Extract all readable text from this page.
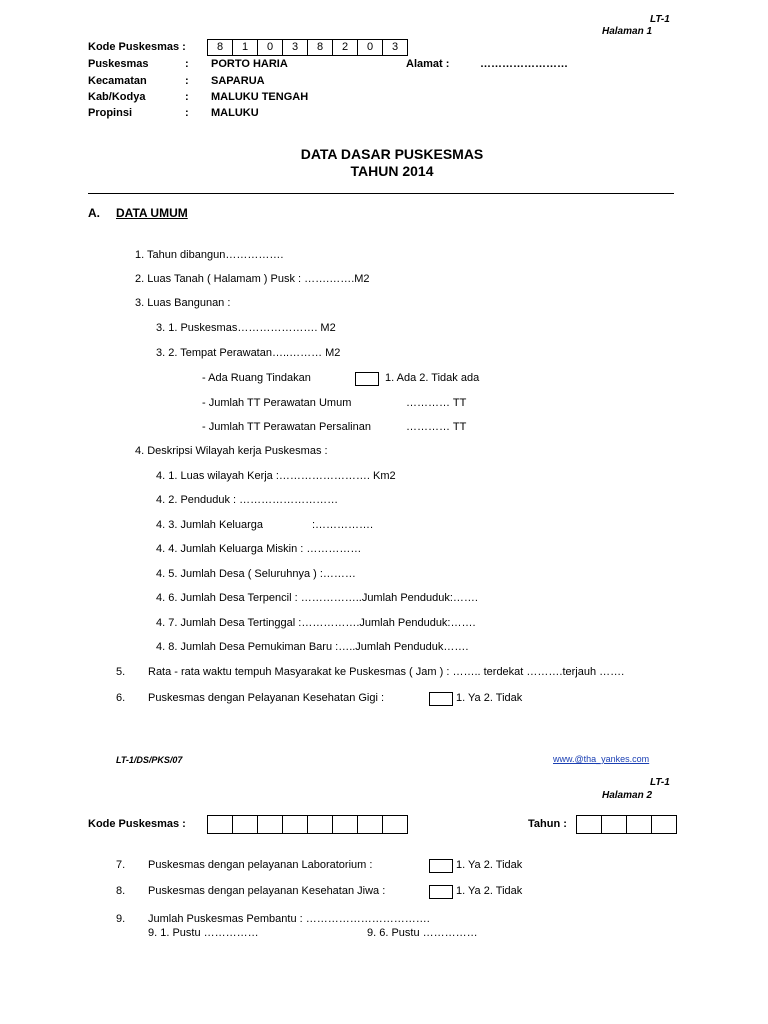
LT-1
Halaman 1
Kode Puskesmas :	8	1	0	3	8	2	0	3
Puskesmas	: PORTO HARIA	Alamat :	……………………
Kecamatan	: SAPARUA
Kab/Kodya	: MALUKU TENGAH
Propinsi	: MALUKU
DATA DASAR PUSKESMAS
TAHUN 2014
A. DATA UMUM
1. Tahun dibangun…………….
2. Luas Tanah ( Halamam ) Pusk : …….…….M2
3. Luas Bangunan :
3. 1. Puskesmas…………………. M2
3. 2. Tempat Perawatan…..……… M2
- Ada Ruang Tindakan	1. Ada 2. Tidak ada
- Jumlah TT Perawatan Umum	………… TT
- Jumlah TT Perawatan Persalinan	………… TT
4. Deskripsi Wilayah kerja Puskesmas :
4. 1. Luas wilayah Kerja :……………………. Km2
4. 2. Penduduk : ………………………
4. 3. Jumlah Keluarga	:…………….
4. 4. Jumlah Keluarga Miskin : ……………
4. 5. Jumlah Desa ( Seluruhnya ) :………
4. 6. Jumlah Desa Terpencil : ……………..Jumlah Penduduk:…….
4. 7. Jumlah Desa Tertinggal :…………….Jumlah Penduduk:…….
4. 8. Jumlah Desa Pemukiman Baru :…..Jumlah Penduduk…….
5. Rata - rata waktu tempuh Masyarakat ke Puskesmas ( Jam ) : …….. terdekat ……….terjauh …….
6. Puskesmas dengan Pelayanan Kesehatan Gigi :	1. Ya 2. Tidak
LT-1/DS/PKS/07	www.@tha_yankes.com
LT-1
Halaman 2
Kode Puskesmas :	Tahun :
7. Puskesmas dengan pelayanan Laboratorium :	1. Ya 2. Tidak
8. Puskesmas dengan pelayanan Kesehatan Jiwa :	1. Ya 2. Tidak
9. Jumlah Puskesmas Pembantu : …………………………….
9. 1. Pustu ……………	9. 6. Pustu ……………
